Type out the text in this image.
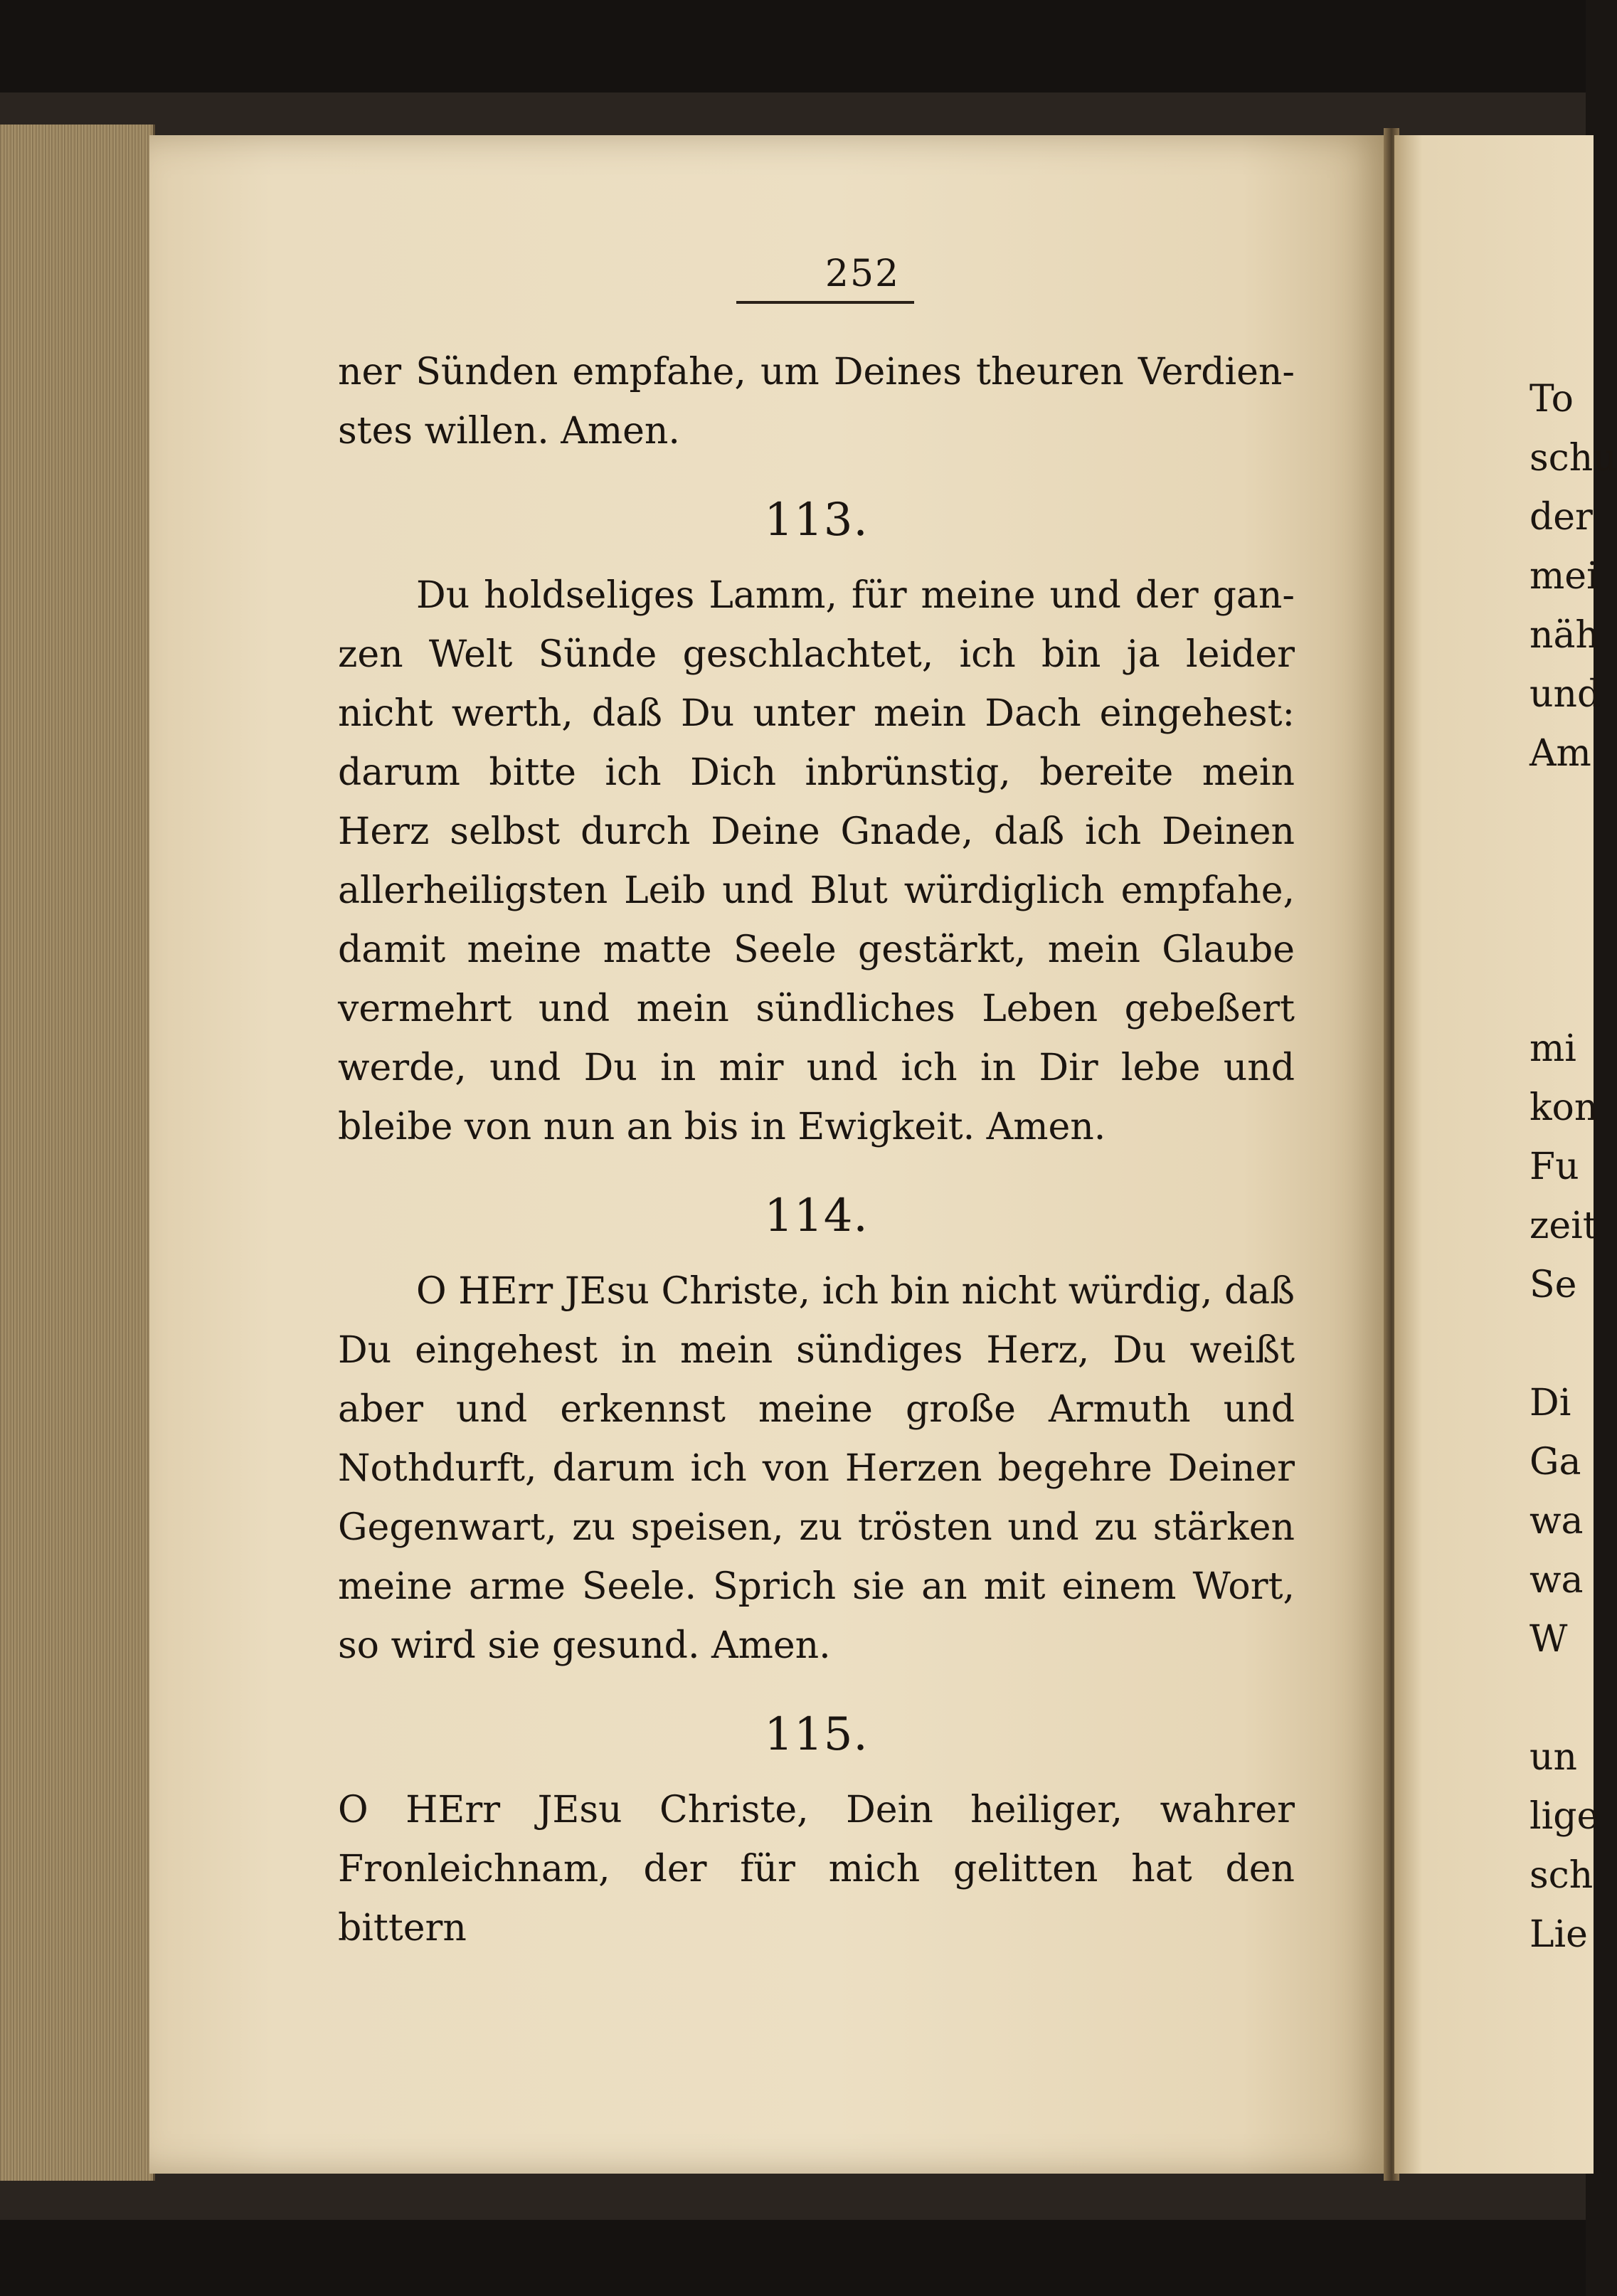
252

ner Sünden empfahe, um Deines theuren Verdienstes willen. Amen.

113.

Du holdseliges Lamm, für meine und der ganzen Welt Sünde geschlachtet, ich bin ja leider nicht werth, daß Du unter mein Dach eingehest: darum bitte ich Dich inbrünstig, bereite mein Herz selbst durch Deine Gnade, daß ich Deinen allerheiligsten Leib und Blut würdiglich empfahe, damit meine matte Seele gestärkt, mein Glaube vermehrt und mein sündliches Leben gebeßert werde, und Du in mir und ich in Dir lebe und bleibe von nun an bis in Ewigkeit. Amen.

114.

O HErr JEsu Christe, ich bin nicht würdig, daß Du eingehest in mein sündiges Herz, Du weißt aber und erkennst meine große Armuth und Nothdurft, darum ich von Herzen begehre Deiner Gegenwart, zu speisen, zu trösten und zu stärken meine arme Seele. Sprich sie an mit einem Wort, so wird sie gesund. Amen.

115.

O HErr JEsu Christe, Dein heiliger, wahrer Fronleichnam, der für mich gelitten hat den bittern

To
schu
der
mei
näh
und
Am
mi
kon
Fu
zeit
Se
Di
Ga
wa
wa
W
un
lige
sch
Lie
